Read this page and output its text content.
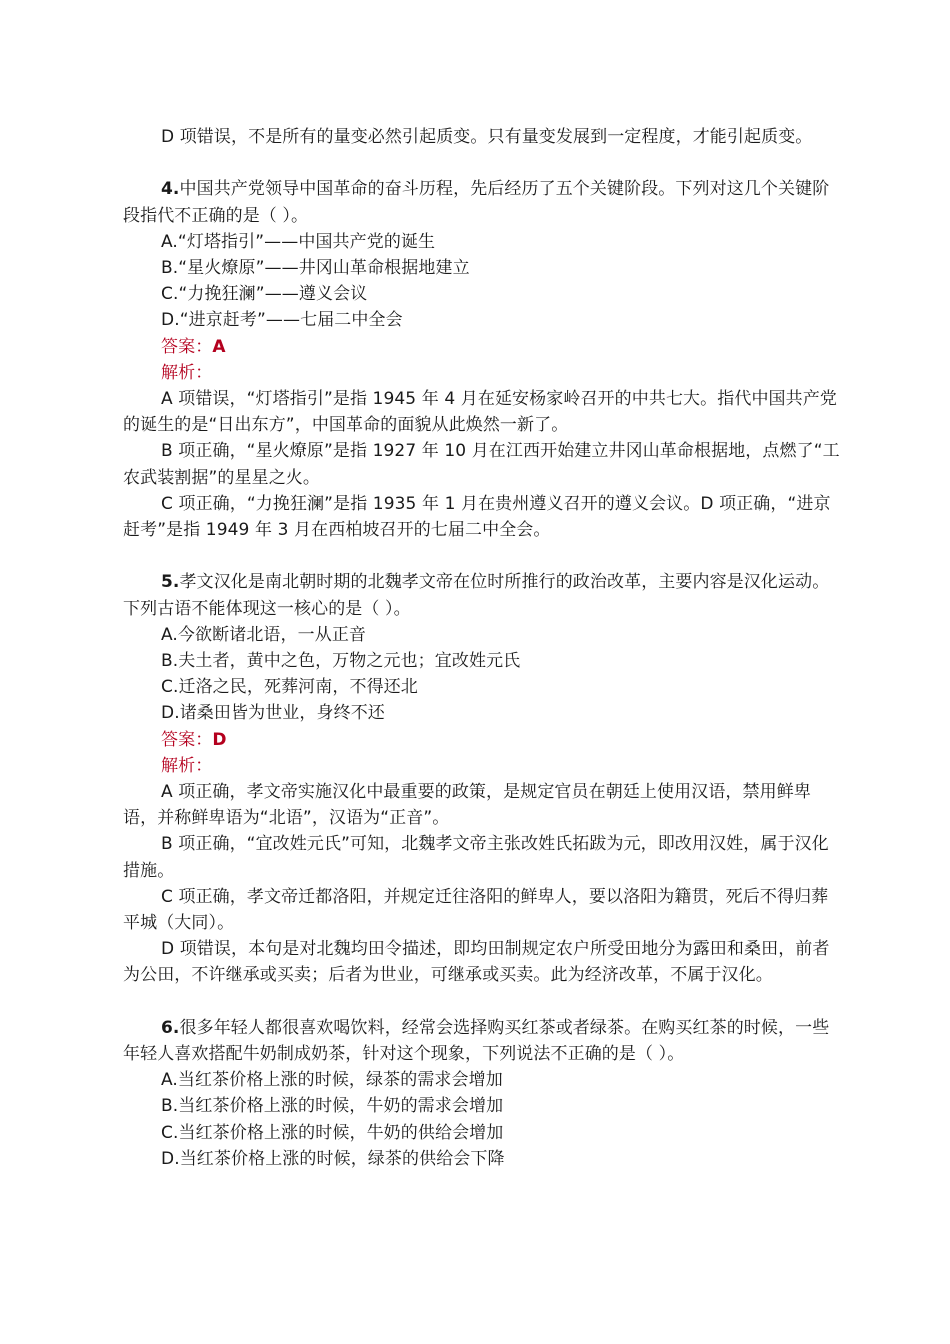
D 项错误，不是所有的量变必然引起质变。只有量变发展到一定程度，才能引起质变。

4.中国共产党领导中国革命的奋斗历程，先后经历了五个关键阶段。下列对这几个关键阶段指代不正确的是（ ）。

A.“灯塔指引”——中国共产党的诞生

B.“星火燎原”——井冈山革命根据地建立

C.“力挽狂澜”——遵义会议

D.“进京赶考”——七届二中全会

答案：A

解析：

A 项错误，“灯塔指引”是指 1945 年 4 月在延安杨家岭召开的中共七大。指代中国共产党的诞生的是“日出东方”，中国革命的面貌从此焕然一新了。

B 项正确，“星火燎原”是指 1927 年 10 月在江西开始建立井冈山革命根据地，点燃了“工农武装割据”的星星之火。

C 项正确，“力挽狂澜”是指 1935 年 1 月在贵州遵义召开的遵义会议。D 项正确，“进京赶考”是指 1949 年 3 月在西柏坡召开的七届二中全会。

5.孝文汉化是南北朝时期的北魏孝文帝在位时所推行的政治改革，主要内容是汉化运动。下列古语不能体现这一核心的是（ ）。

A.今欲断诸北语，一从正音

B.夫土者，黄中之色，万物之元也；宜改姓元氏

C.迁洛之民，死葬河南，不得还北

D.诸桑田皆为世业，身终不还

答案：D

解析：

A 项正确，孝文帝实施汉化中最重要的政策，是规定官员在朝廷上使用汉语，禁用鲜卑语，并称鲜卑语为“北语”，汉语为“正音”。

B 项正确，“宜改姓元氏”可知，北魏孝文帝主张改姓氏拓跋为元，即改用汉姓，属于汉化措施。

C 项正确，孝文帝迁都洛阳，并规定迁往洛阳的鲜卑人，要以洛阳为籍贯，死后不得归葬平城（大同）。

D 项错误，本句是对北魏均田令描述，即均田制规定农户所受田地分为露田和桑田，前者为公田，不许继承或买卖；后者为世业，可继承或买卖。此为经济改革，不属于汉化。

6.很多年轻人都很喜欢喝饮料，经常会选择购买红茶或者绿茶。在购买红茶的时候，一些年轻人喜欢搭配牛奶制成奶茶，针对这个现象，下列说法不正确的是（ ）。

A.当红茶价格上涨的时候，绿茶的需求会增加

B.当红茶价格上涨的时候，牛奶的需求会增加

C.当红茶价格上涨的时候，牛奶的供给会增加

D.当红茶价格上涨的时候，绿茶的供给会下降
